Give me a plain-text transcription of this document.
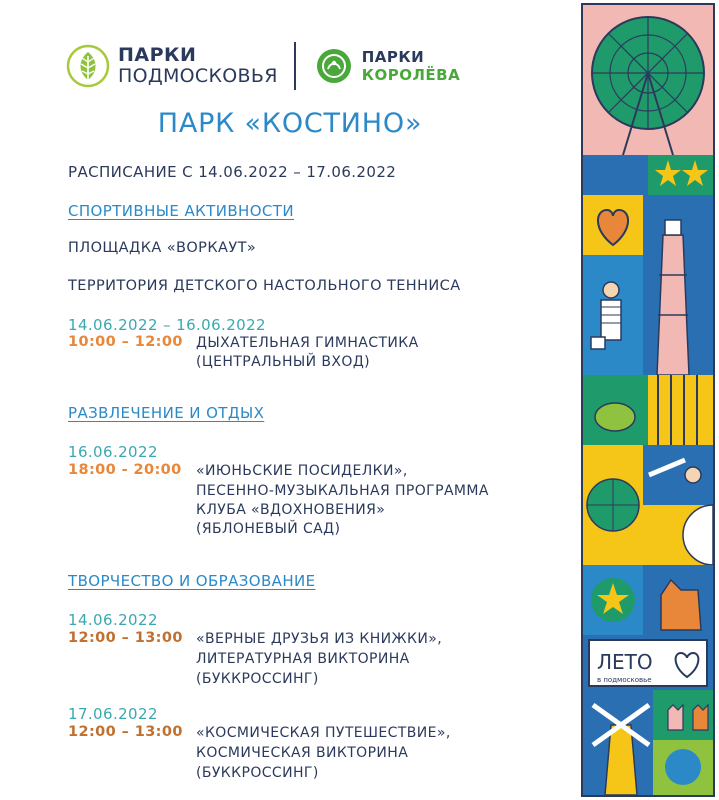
ПАРКИ
ПОДМОСКОВЬЯ
ПАРКИ
КОРОЛЁВА
ПАРК «КОСТИНО»
РАСПИСАНИЕ С 14.06.2022 – 17.06.2022
СПОРТИВНЫЕ АКТИВНОСТИ
ПЛОЩАДКА «ВОРКАУТ»
ТЕРРИТОРИЯ ДЕТСКОГО НАСТОЛЬНОГО ТЕННИСА
14.06.2022 – 16.06.2022
10:00 – 12:00 ДЫХАТЕЛЬНАЯ ГИМНАСТИКА
(ЦЕНТРАЛЬНЫЙ ВХОД)
РАЗВЛЕЧЕНИЕ И ОТДЫХ
16.06.2022
18:00 - 20:00 «ИЮНЬСКИЕ ПОСИДЕЛКИ»,
ПЕСЕННО-МУЗЫКАЛЬНАЯ ПРОГРАММА
КЛУБА «ВДОХНОВЕНИЯ»
(ЯБЛОНЕВЫЙ САД)
ТВОРЧЕСТВО И ОБРАЗОВАНИЕ
14.06.2022
12:00 – 13:00 «ВЕРНЫЕ ДРУЗЬЯ ИЗ КНИЖКИ»,
ЛИТЕРАТУРНАЯ ВИКТОРИНА
(БУККРОССИНГ)
17.06.2022
12:00 – 13:00 «КОСМИЧЕСКАЯ ПУТЕШЕСТВИЕ»,
КОСМИЧЕСКАЯ ВИКТОРИНА
(БУККРОССИНГ)
ЛЕТО
в подмосковье
